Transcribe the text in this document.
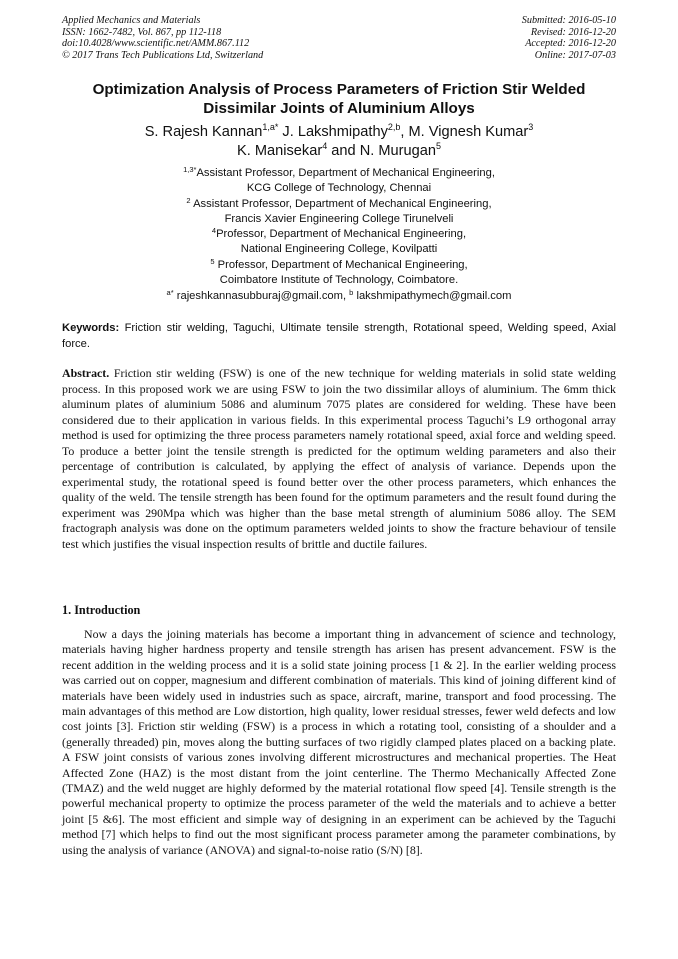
Applied Mechanics and Materials
ISSN: 1662-7482, Vol. 867, pp 112-118
doi:10.4028/www.scientific.net/AMM.867.112
© 2017 Trans Tech Publications Ltd, Switzerland
Submitted: 2016-05-10
Revised: 2016-12-20
Accepted: 2016-12-20
Online: 2017-07-03
Optimization Analysis of Process Parameters of Friction Stir Welded Dissimilar Joints of Aluminium Alloys
S. Rajesh Kannan$^{1,a*}$ J. Lakshmipathy$^{2,b}$, M. Vignesh Kumar$^3$
K. Manisekar$^4$ and N. Murugan$^5$
$^{1,3*}$Assistant Professor, Department of Mechanical Engineering,
KCG College of Technology, Chennai
$^2$ Assistant Professor, Department of Mechanical Engineering,
Francis Xavier Engineering College Tirunelveli
$^4$Professor, Department of Mechanical Engineering,
National Engineering College, Kovilpatti
$^5$ Professor, Department of Mechanical Engineering,
Coimbatore Institute of Technology, Coimbatore.
$^{a*}$ rajeshkannasubburaj@gmail.com, $^b$ lakshmipathymech@gmail.com
Keywords: Friction stir welding, Taguchi, Ultimate tensile strength, Rotational speed, Welding speed, Axial force.
Abstract. Friction stir welding (FSW) is one of the new technique for welding materials in solid state welding process. In this proposed work we are using FSW to join the two dissimilar alloys of aluminium. The 6mm thick aluminum plates of aluminium 5086 and aluminum 7075 plates are considered for welding. These have been considered due to their application in various fields. In this experimental process Taguchi’s L9 orthogonal array method is used for optimizing the three process parameters namely rotational speed, axial force and welding speed. To produce a better joint the tensile strength is predicted for the optimum welding parameters and also their percentage of contribution is calculated, by applying the effect of analysis of variance. Depends upon the experimental study, the rotational speed is found better over the other process parameters, which enhances the quality of the weld. The tensile strength has been found for the optimum parameters and the result found during the experiment was 290Mpa which was higher than the base metal strength of aluminium 5086 alloy. The SEM fractograph analysis was done on the optimum parameters welded joints to show the fracture behaviour of tensile test which justifies the visual inspection results of brittle and ductile failures.
1. Introduction
Now a days the joining materials has become a important thing in advancement of science and technology, materials having higher hardness property and tensile strength has arisen has present advancement. FSW is the recent addition in the welding process and it is a solid state joining process [1 & 2]. In the earlier welding process was carried out on copper, magnesium and different combination of materials. This kind of joining different kind of materials have been widely used in industries such as space, aircraft, marine, transport and food processing. The main advantages of this method are Low distortion, high quality, lower residual stresses, fewer weld defects and low cost joints [3]. Friction stir welding (FSW) is a process in which a rotating tool, consisting of a shoulder and a (generally threaded) pin, moves along the butting surfaces of two rigidly clamped plates placed on a backing plate. A FSW joint consists of various zones involving different microstructures and mechanical properties. The Heat Affected Zone (HAZ) is the most distant from the joint centerline. The Thermo Mechanically Affected Zone (TMAZ) and the weld nugget are highly deformed by the material rotational flow speed [4]. Tensile strength is the powerful mechanical property to optimize the process parameter of the weld the materials and to achieve a better joint [5 &6]. The most efficient and simple way of designing in an experiment can be achieved by the Taguchi method [7] which helps to find out the most significant process parameter among the parameter combinations, by using the analysis of variance (ANOVA) and signal-to-noise ratio (S/N) [8].
